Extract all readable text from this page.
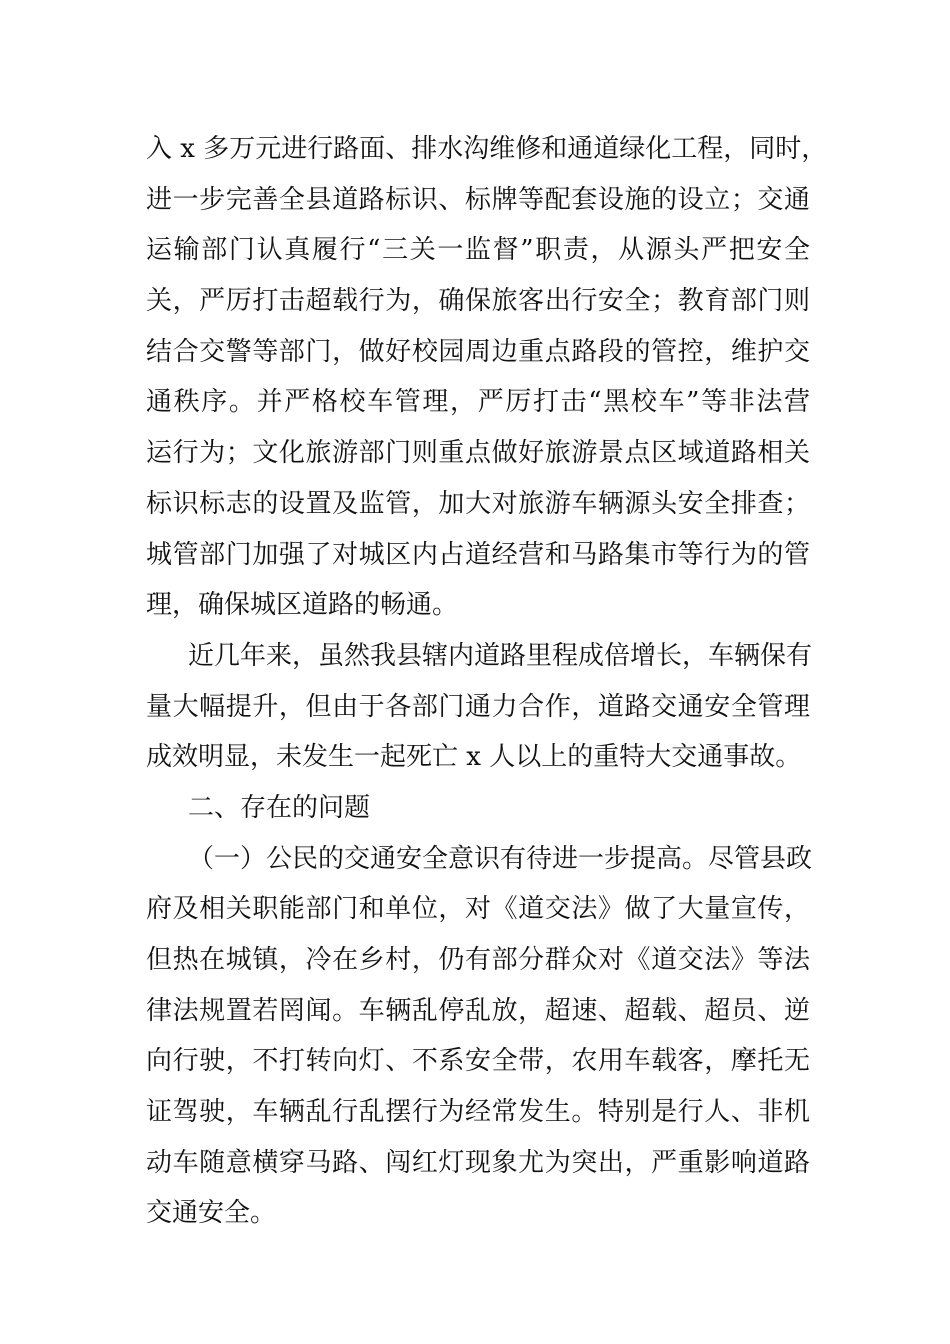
入 x 多万元进行路面、排水沟维修和通道绿化工程，同时，
进一步完善全县道路标识、标牌等配套设施的设立；交通
运输部门认真履行“三关一监督”职责，从源头严把安全
关，严厉打击超载行为，确保旅客出行安全；教育部门则
结合交警等部门，做好校园周边重点路段的管控，维护交
通秩序。并严格校车管理，严厉打击“黑校车”等非法营
运行为；文化旅游部门则重点做好旅游景点区域道路相关
标识标志的设置及监管，加大对旅游车辆源头安全排查；
城管部门加强了对城区内占道经营和马路集市等行为的管
理，确保城区道路的畅通。
近几年来，虽然我县辖内道路里程成倍增长，车辆保有
量大幅提升，但由于各部门通力合作，道路交通安全管理
成效明显，未发生一起死亡 x 人以上的重特大交通事故。
二、存在的问题
（一）公民的交通安全意识有待进一步提高。尽管县政
府及相关职能部门和单位，对《道交法》做了大量宣传，
但热在城镇，冷在乡村，仍有部分群众对《道交法》等法
律法规置若罔闻。车辆乱停乱放，超速、超载、超员、逆
向行驶，不打转向灯、不系安全带，农用车载客，摩托无
证驾驶，车辆乱行乱摆行为经常发生。特别是行人、非机
动车随意横穿马路、闯红灯现象尤为突出，严重影响道路
交通安全。
